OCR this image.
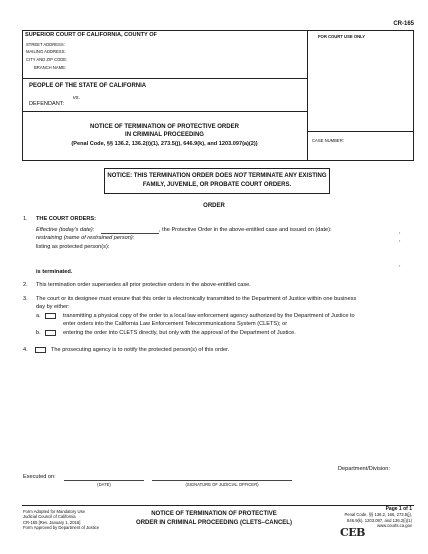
CR-165
SUPERIOR COURT OF CALIFORNIA, COUNTY OF
STREET ADDRESS:
MAILING ADDRESS:
CITY AND ZIP CODE:
BRANCH NAME:
FOR COURT USE ONLY
PEOPLE OF THE STATE OF CALIFORNIA
vs.
DEFENDANT:
NOTICE OF TERMINATION OF PROTECTIVE ORDER
IN CRIMINAL PROCEEDING
(Penal Code, §§ 136.2, 136.2(i)(1), 273.5(j), 646.9(k), and 1203.097(a)(2))
CASE NUMBER:
NOTICE: THIS TERMINATION ORDER DOES NOT TERMINATE ANY EXISTING
FAMILY, JUVENILE, OR PROBATE COURT ORDERS.
ORDER
1. THE COURT ORDERS:
Effective (today's date):	, the Protective Order in the above-entitled case and issued on (date):
restraining (name of restrained person):
listing as protected person(s):
,
,
,
is terminated.
2. This termination order supersedes all prior protective orders in the above-entitled case.
3. The court or its designee must ensure that this order is electronically transmitted to the Department of Justice within one business
day by either:
a.	transmitting a physical copy of the order to a local law enforcement agency authorized by the Department of Justice to
enter orders into the California Law Enforcement Telecommunications System (CLETS); or
b.	entering the order into CLETS directly, but only with the approval of the Department of Justice.
4.	The prosecuting agency is to notify the protected person(s) of this order.
Department/Division:
Executed on:
(DATE)	(SIGNATURE OF JUDICIAL OFFICER)
Form Adopted for Mandatory Use
Judicial Council of California
CR-165 [Rev. January 1, 2016]
Form Approved by Department of Justice
NOTICE OF TERMINATION OF PROTECTIVE
ORDER IN CRIMINAL PROCEEDING (CLETS–CANCEL)
Page 1 of 1
Penal Code, §§ 136.2, 166, 273.5(j),
646.9(k), 1203.097, and 136.2(i)(1)
www.courts.ca.gov
CEB
